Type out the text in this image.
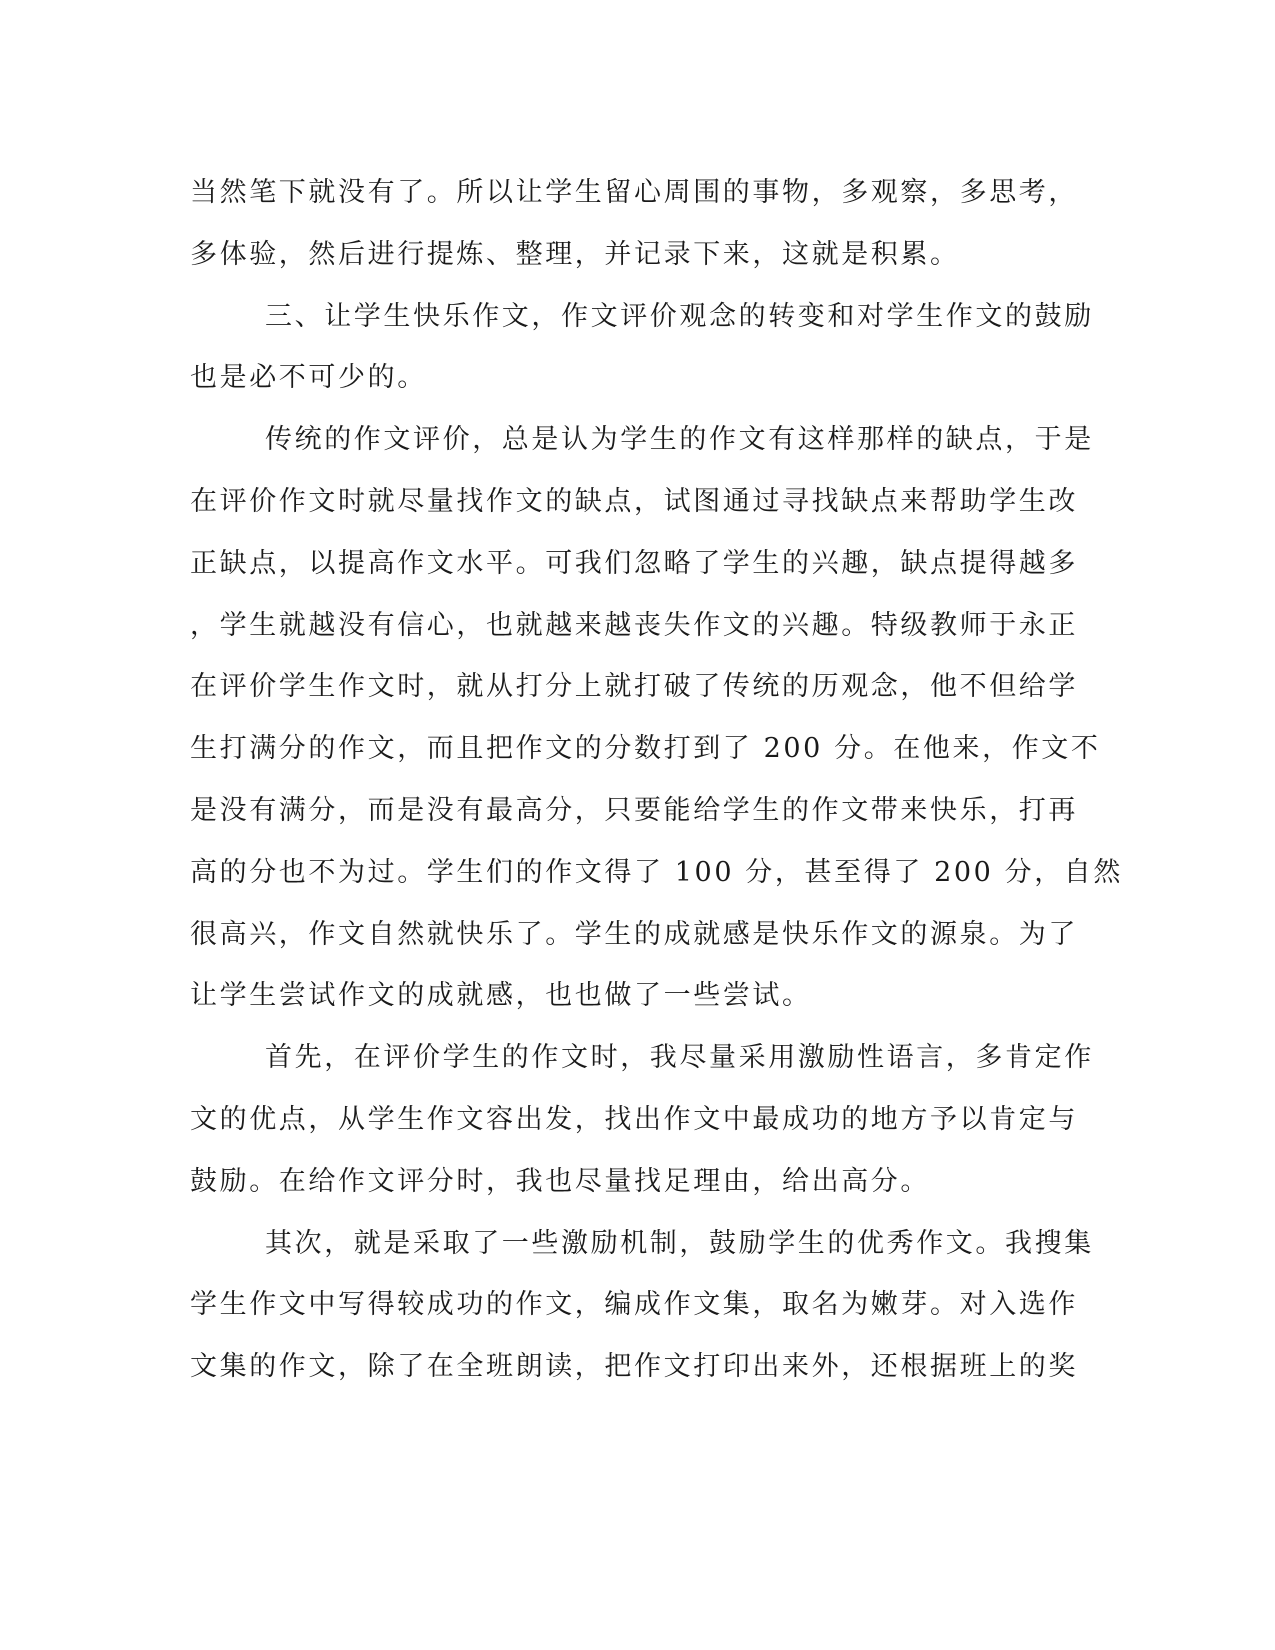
当然笔下就没有了。所以让学生留心周围的事物，多观察，多思考，
多体验，然后进行提炼、整理，并记录下来，这就是积累。
三、让学生快乐作文，作文评价观念的转变和对学生作文的鼓励
也是必不可少的。
传统的作文评价，总是认为学生的作文有这样那样的缺点，于是
在评价作文时就尽量找作文的缺点，试图通过寻找缺点来帮助学生改
正缺点，以提高作文水平。可我们忽略了学生的兴趣，缺点提得越多
，学生就越没有信心，也就越来越丧失作文的兴趣。特级教师于永正
在评价学生作文时，就从打分上就打破了传统的历观念，他不但给学
生打满分的作文，而且把作文的分数打到了 200 分。在他来，作文不
是没有满分，而是没有最高分，只要能给学生的作文带来快乐，打再
高的分也不为过。学生们的作文得了 100 分，甚至得了 200 分，自然
很高兴，作文自然就快乐了。学生的成就感是快乐作文的源泉。为了
让学生尝试作文的成就感，也也做了一些尝试。
首先，在评价学生的作文时，我尽量采用激励性语言，多肯定作
文的优点，从学生作文容出发，找出作文中最成功的地方予以肯定与
鼓励。在给作文评分时，我也尽量找足理由，给出高分。
其次，就是采取了一些激励机制，鼓励学生的优秀作文。我搜集
学生作文中写得较成功的作文，编成作文集，取名为嫩芽。对入选作
文集的作文，除了在全班朗读，把作文打印出来外，还根据班上的奖
